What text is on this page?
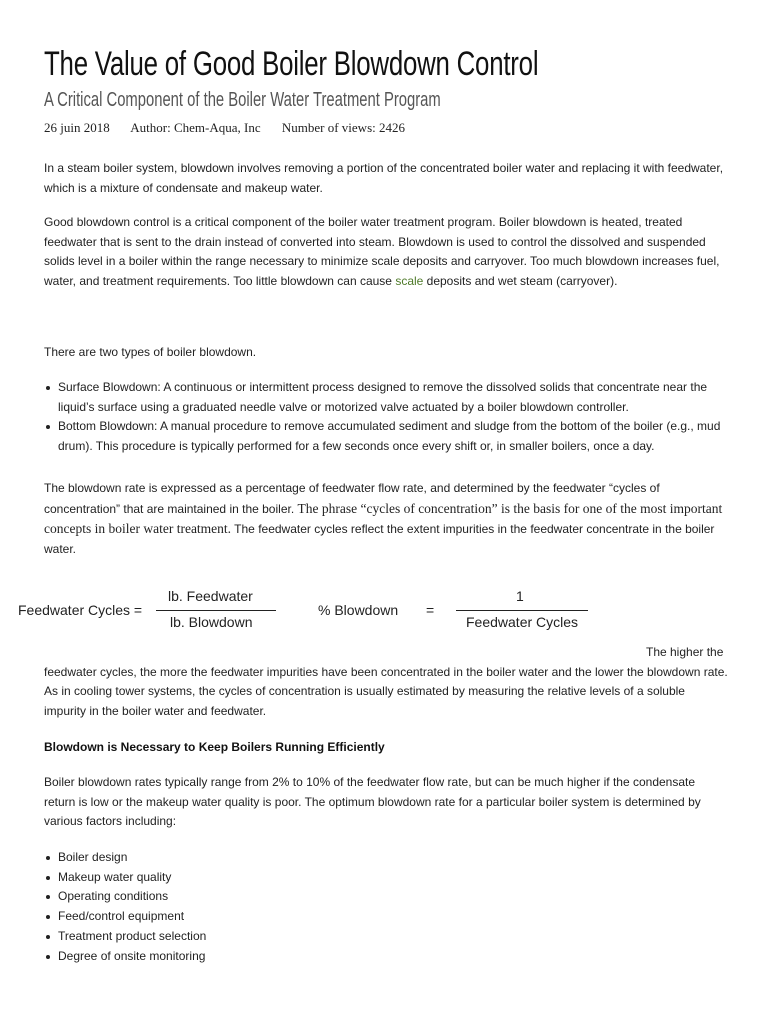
The Value of Good Boiler Blowdown Control
A Critical Component of the Boiler Water Treatment Program
26 juin 2018 Author: Chem-Aqua, Inc Number of views: 2426

In a steam boiler system, blowdown involves removing a portion of the concentrated boiler water and replacing it with feedwater, which is a mixture of condensate and makeup water.

Good blowdown control is a critical component of the boiler water treatment program. Boiler blowdown is heated, treated feedwater that is sent to the drain instead of converted into steam. Blowdown is used to control the dissolved and suspended solids level in a boiler within the range necessary to minimize scale deposits and carryover. Too much blowdown increases fuel, water, and treatment requirements. Too little blowdown can cause scale deposits and wet steam (carryover).

There are two types of boiler blowdown.

Surface Blowdown: A continuous or intermittent process designed to remove the dissolved solids that concentrate near the liquid’s surface using a graduated needle valve or motorized valve actuated by a boiler blowdown controller.
Bottom Blowdown: A manual procedure to remove accumulated sediment and sludge from the bottom of the boiler (e.g., mud drum). This procedure is typically performed for a few seconds once every shift or, in smaller boilers, once a day.

The blowdown rate is expressed as a percentage of feedwater flow rate, and determined by the feedwater “cycles of concentration” that are maintained in the boiler. The phrase “cycles of concentration” is the basis for one of the most important concepts in boiler water treatment. The feedwater cycles reflect the extent impurities in the feedwater concentrate in the boiler water.

The higher the feedwater cycles, the more the feedwater impurities have been concentrated in the boiler water and the lower the blowdown rate. As in cooling tower systems, the cycles of concentration is usually estimated by measuring the relative levels of a soluble impurity in the boiler water and feedwater.

Blowdown is Necessary to Keep Boilers Running Efficiently

Boiler blowdown rates typically range from 2% to 10% of the feedwater flow rate, but can be much higher if the condensate return is low or the makeup water quality is poor. The optimum blowdown rate for a particular boiler system is determined by various factors including:

Boiler design
Makeup water quality
Operating conditions
Feed/control equipment
Treatment product selection
Degree of onsite monitoring
Feedwater Cycles =
lb. Feedwater
lb. Blowdown
% Blowdown =
1
Feedwater Cycles
